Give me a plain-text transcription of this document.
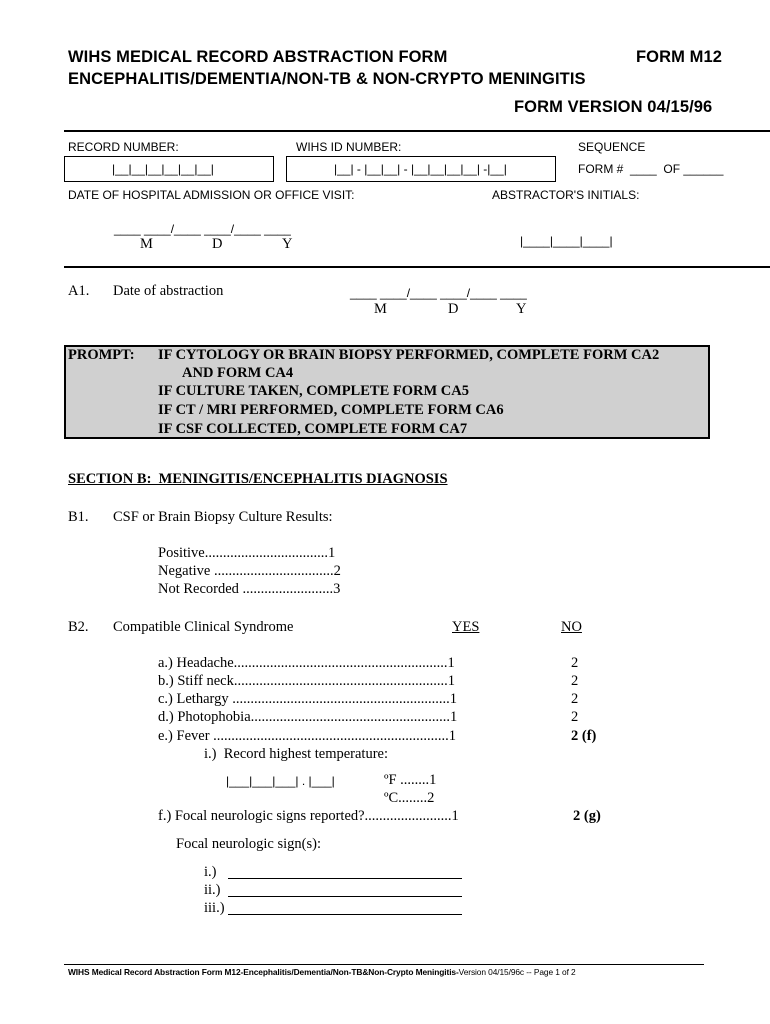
WIHS MEDICAL RECORD ABSTRACTION FORM	FORM M12
ENCEPHALITIS/DEMENTIA/NON-TB & NON-CRYPTO MENINGITIS
FORM VERSION 04/15/96
RECORD NUMBER:	WIHS ID NUMBER:	SEQUENCE
|__|__|__|__|__|__|	|__| - |__|__| - |__|__|__|__| -|__|	FORM #  ____  OF ______
DATE OF HOSPITAL ADMISSION OR OFFICE VISIT:	ABSTRACTOR'S INITIALS:
____ ____/____ ____/____ ____
M	D	Y	|____|____|____|
A1. Date of abstraction	____ ____/____ ____/____ ____
M	D	Y
PROMPT: IF CYTOLOGY OR BRAIN BIOPSY PERFORMED, COMPLETE FORM CA2
AND FORM CA4
IF CULTURE TAKEN, COMPLETE FORM CA5
IF CT / MRI PERFORMED, COMPLETE FORM CA6
IF CSF COLLECTED, COMPLETE FORM CA7
SECTION B:  MENINGITIS/ENCEPHALITIS DIAGNOSIS
B1. CSF or Brain Biopsy Culture Results:
Positive..................................1
Negative .................................2
Not Recorded .........................3
B2. Compatible Clinical Syndrome	YES	NO
a.) Headache...........................................................1	2
b.) Stiff neck...........................................................1	2
c.) Lethargy ............................................................1	2
d.) Photophobia.......................................................1	2
e.) Fever .................................................................1	2 (f)
i.)  Record highest temperature:
|___|___|___| . |___|	ºF ........1
ºC........2
f.) Focal neurologic signs reported?........................1	2 (g)
Focal neurologic sign(s):
i.)
ii.)
iii.)
WIHS Medical Record Abstraction Form M12-Encephalitis/Dementia/Non-TB&Non-Crypto Meningitis-Version 04/15/96c -- Page 1 of 2
